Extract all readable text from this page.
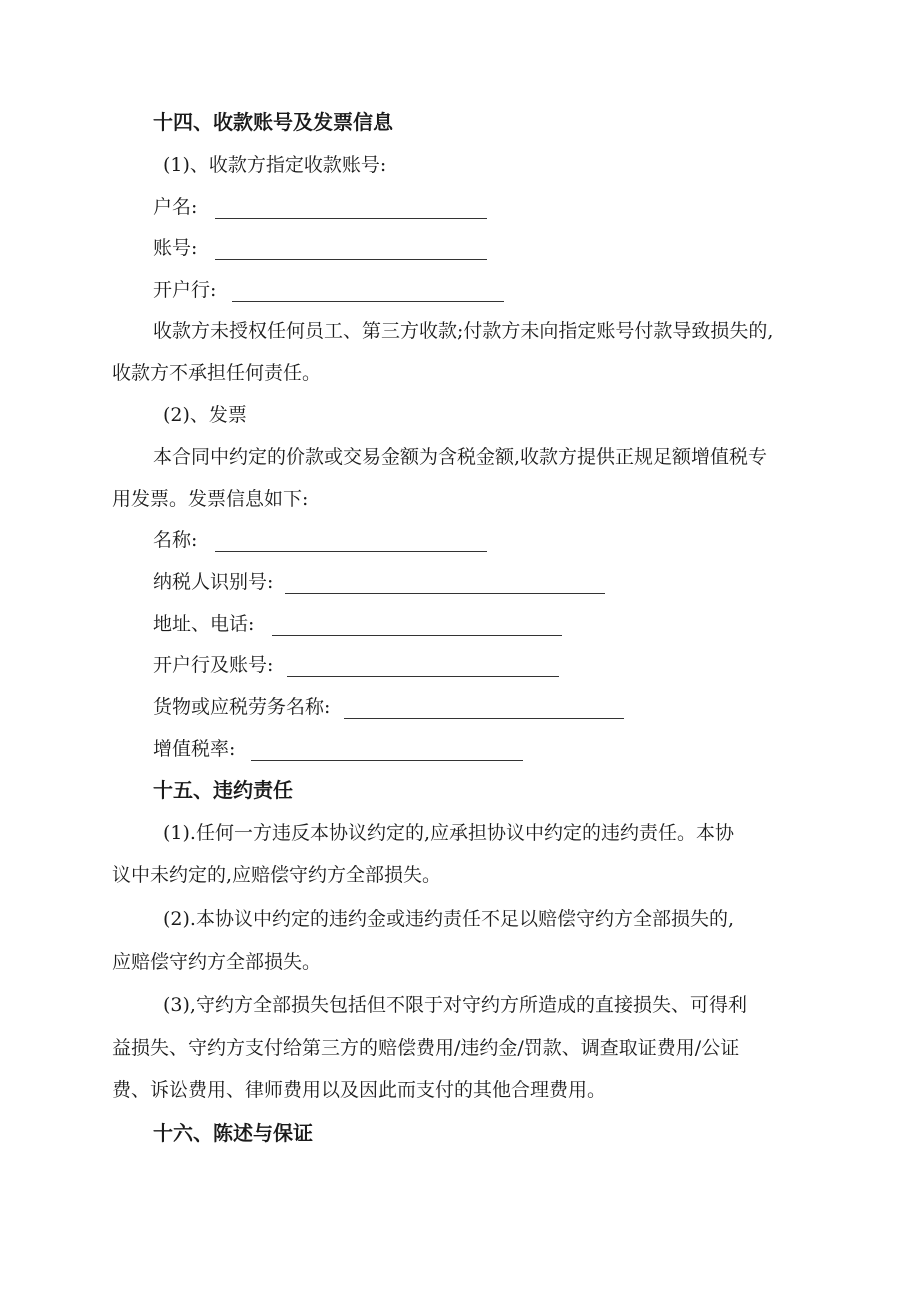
十四、收款账号及发票信息
(1)、收款方指定收款账号:
户名:
账号:
开户行:
收款方未授权任何员工、第三方收款;付款方未向指定账号付款导致损失的,
收款方不承担任何责任。
(2)、发票
本合同中约定的价款或交易金额为含税金额,收款方提供正规足额增值税专
用发票。发票信息如下:
名称:
纳税人识别号:
地址、电话:
开户行及账号:
货物或应税劳务名称:
增值税率:
十五、违约责任
(1).任何一方违反本协议约定的,应承担协议中约定的违约责任。本协
议中未约定的,应赔偿守约方全部损失。
(2).本协议中约定的违约金或违约责任不足以赔偿守约方全部损失的,
应赔偿守约方全部损失。
(3),守约方全部损失包括但不限于对守约方所造成的直接损失、可得利
益损失、守约方支付给第三方的赔偿费用/违约金/罚款、调查取证费用/公证
费、诉讼费用、律师费用以及因此而支付的其他合理费用。
十六、陈述与保证
